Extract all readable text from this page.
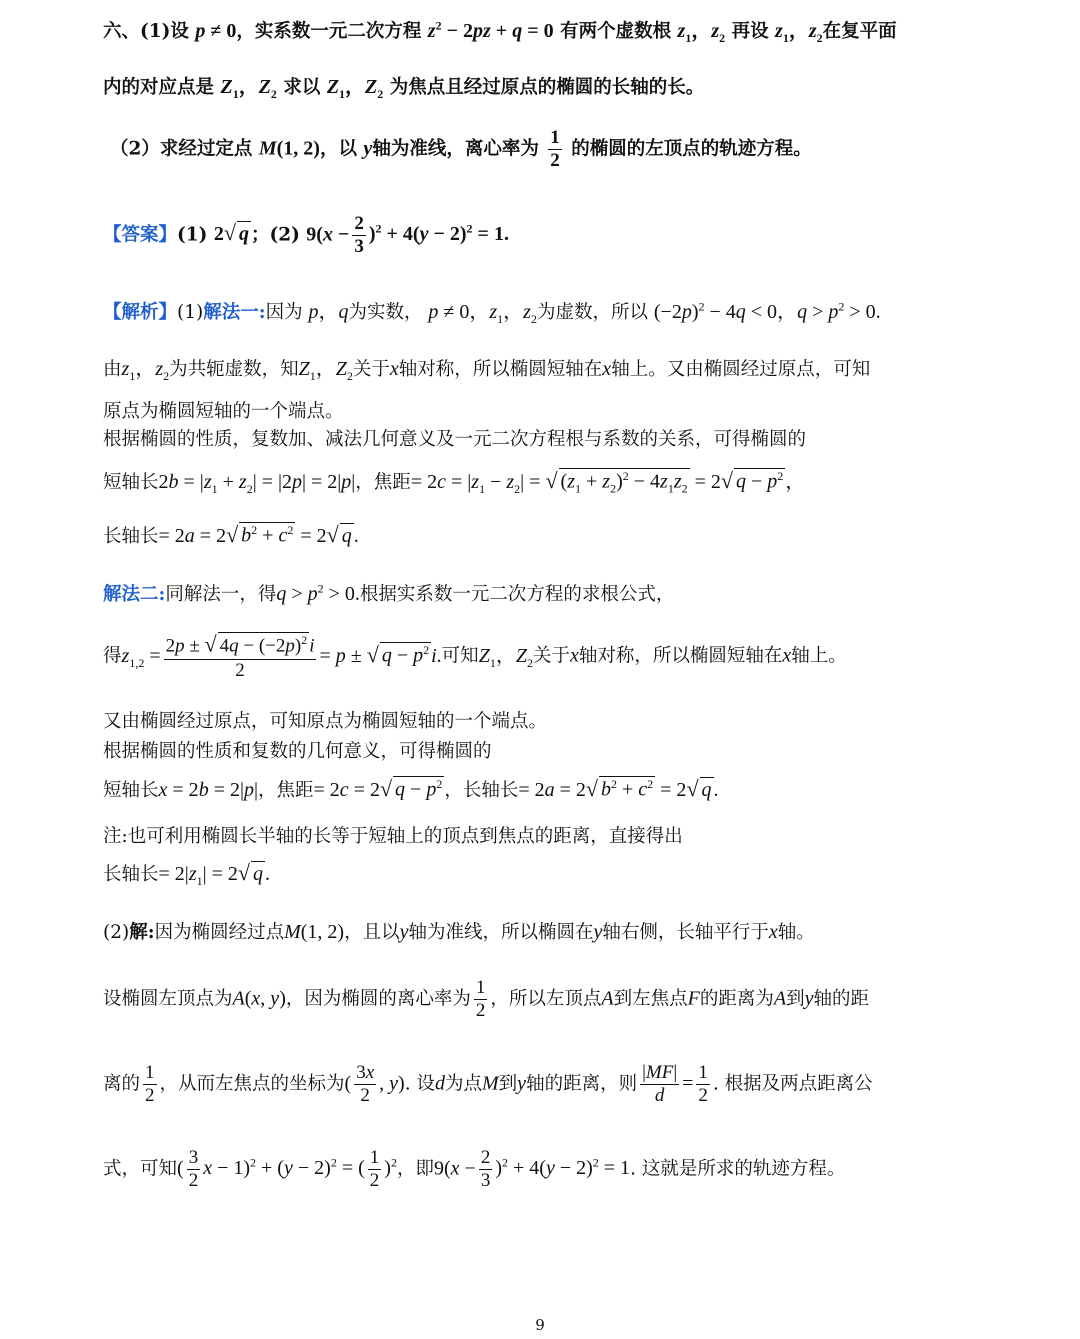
六、(1)设 p ≠ 0，实系数一元二次方程 $z^2 - 2pz + q = 0$ 有两个虚数根 $z_1$，$z_2$ 再设 $z_1$，$z_2$在复平面
内的对应点是 $Z_1$，$Z_2$ 求以 $Z_1$，$Z_2$ 为焦点且经过原点的椭圆的长轴的长。
（2）求经过定点 M(1, 2)，以 y轴为准线，离心率为 $\frac{1}{2}$ 的椭圆的左顶点的轨迹方程。
【答案】(1) 2√ q ；(2) $9(x - \frac{2}{3} )^2 + 4(y - 2)^2 = 1$.
【解析】(1)解法一:因为 p，q为实数， p ≠ 0，$z_1$，$z_2$为虚数，所以 $(-2p)^2 - 4q < 0$，$q > p^2 > 0$.
由$z_1$，$z_2$为共轭虚数，知$Z_1$，$Z_2$关于x轴对称，所以椭圆短轴在x轴上。又由椭圆经过原点，可知
原点为椭圆短轴的一个端点。
根据椭圆的性质，复数加、减法几何意义及一元二次方程根与系数的关系，可得椭圆的
短轴长$2b = |z_1 + z_2| = |2p| = 2|p|$，焦距= $2c = |z_1 - z_2|$ = √ $(z_1 + z_2)^2 - 4z_1z_2 = 2√$ $q - p^2$ ，
长轴长= 2a = 2√ $b^2 + c^2 = 2√$ q .
解法二:同解法一，得$q > p^2 > 0$.根据实系数一元二次方程的求根公式，
得$z_{1,2} = \frac{2p \pm √ 4q - (-2p)^2 i}{2} = p$ ± √ $q - p^2$ i.可知$Z_1$，$Z_2$关于x轴对称，所以椭圆短轴在x轴上。
又由椭圆经过原点，可知原点为椭圆短轴的一个端点。
根据椭圆的性质和复数的几何意义，可得椭圆的
短轴长x = 2b = 2|p|，焦距= 2c = 2√ $q - p^2$ ，长轴长= 2a = 2√ $b^2 + c^2 = 2√$ q .
注:也可利用椭圆长半轴的长等于短轴上的顶点到焦点的距离，直接得出
长轴长= $2|z_1| = 2√$ q .
(2)解:因为椭圆经过点M(1, 2)，且以y轴为准线，所以椭圆在y轴右侧，长轴平行于x轴。
设椭圆左顶点为A(x, y)，因为椭圆的离心率为 $\frac{1}{2}$ ，所以左顶点A到左焦点F的距离为A到y轴的距
离的 $\frac{1}{2}$ ，从而左焦点的坐标为( $\frac{3x}{2}$ , y). 设d为点M到y轴的距离，则 $\frac{|MF|}{d} = \frac{1}{2}$ . 根据及两点距离公
式，可知( $\frac{3}{2}$ $x - 1)^2 + (y - 2)^2$ = ( $\frac{1}{2} )^2$，即$9(x - \frac{2}{3} )^2 + 4(y - 2)^2 = 1$. 这就是所求的轨迹方程。
9
